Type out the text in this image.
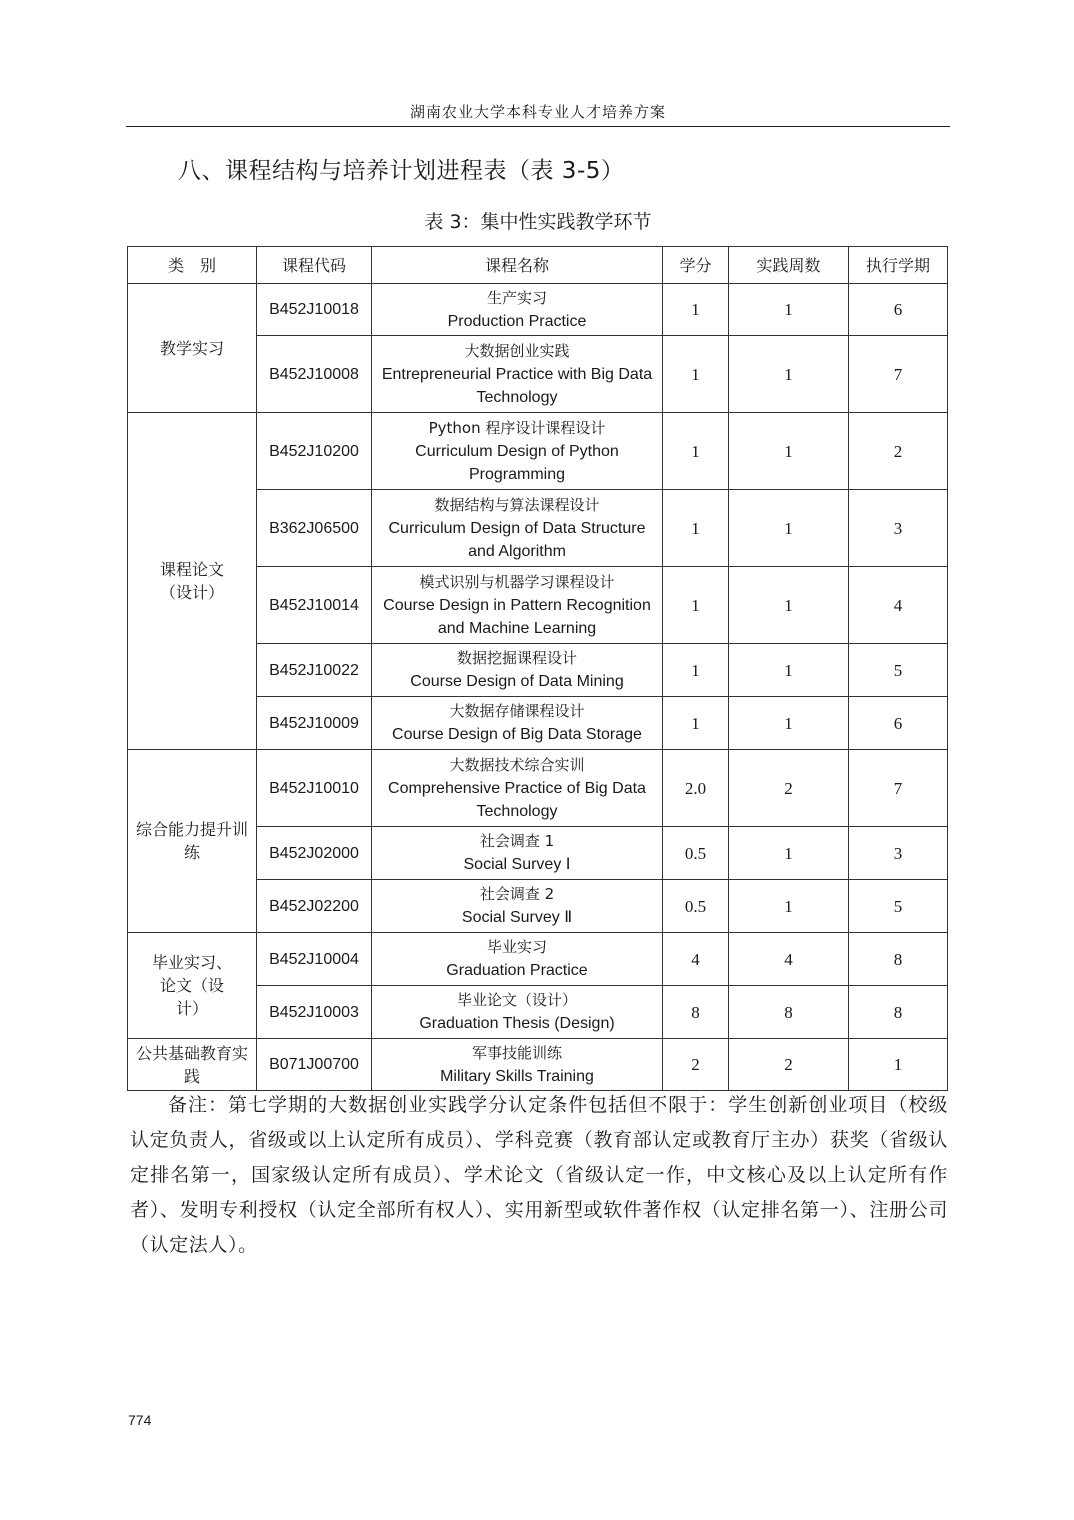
湖南农业大学本科专业人才培养方案
八、课程结构与培养计划进程表（表 3-5）
表 3：集中性实践教学环节
类　别	课程代码	课程名称	学分	实践周数	执行学期

教学实习	B452J10018	生产实习
Production Practice	1	1	6
	B452J10008	大数据创业实践
Entrepreneurial Practice with Big Data Technology	1	1	7

课程论文（设计）	B452J10200	Python 程序设计课程设计
Curriculum Design of Python Programming	1	1	2
	B362J06500	数据结构与算法课程设计
Curriculum Design of Data Structure and Algorithm	1	1	3
	B452J10014	模式识别与机器学习课程设计
Course Design in Pattern Recognition and Machine Learning	1	1	4
	B452J10022	数据挖掘课程设计
Course Design of Data Mining	1	1	5
	B452J10009	大数据存储课程设计
Course Design of Big Data Storage	1	1	6

综合能力提升训练	B452J10010	大数据技术综合实训
Comprehensive Practice of Big Data Technology	2.0	2	7
	B452J02000	社会调查 1
Social Survey Ⅰ	0.5	1	3
	B452J02200	社会调查 2
Social Survey Ⅱ	0.5	1	5

毕业实习、论文（设计）	B452J10004	毕业实习
Graduation Practice	4	4	8
	B452J10003	毕业论文（设计）
Graduation Thesis (Design)	8	8	8

公共基础教育实践	B071J00700	军事技能训练
Military Skills Training	2	2	1
备注：第七学期的大数据创业实践学分认定条件包括但不限于：学生创新创业项目（校级认定负责人，省级或以上认定所有成员）、学科竞赛（教育部认定或教育厅主办）获奖（省级认定排名第一，国家级认定所有成员）、学术论文（省级认定一作，中文核心及以上认定所有作者）、发明专利授权（认定全部所有权人）、实用新型或软件著作权（认定排名第一）、注册公司（认定法人）。
774
